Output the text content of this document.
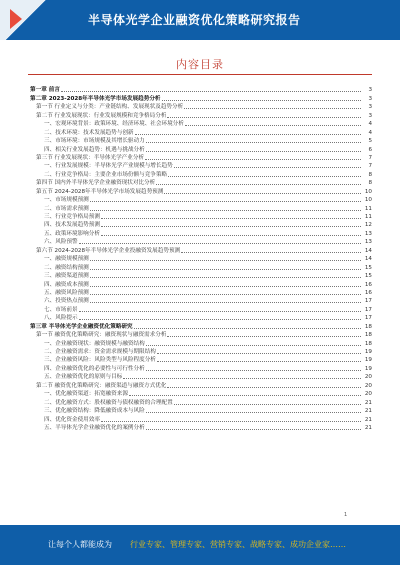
半导体光学企业融资优化策略研究报告
内容目录
第一章 前言	3
第二章 2023-2028年半导体光学市场发展趋势分析	3
第一节 行业定义与分类：产业链结构、发展现状及趋势分析	3
第二节 行业发展现状：行业发展规模和竞争格局分析	3
一、宏观环境背景：政策环境、经济环境、社会环境分析	4
二、技术环境：技术发展趋势与创新	4
三、市场环境：市场规模及其增长驱动力	5
四、相关行业发展趋势：机遇与挑战分析	6
第三节 行业发展现状：半导体光学产业分析	7
一、行业发展规模：半导体光学产业规模与增长趋势	7
二、行业竞争格局：主要企业市场份额与竞争策略	8
第四节 国内外半导体光学企业融资现状对比分析	8
第五节 2024-2028年半导体光学市场发展趋势预测	10
一、市场规模预测	10
二、市场需求预测	11
三、行业竞争格局预测	11
四、技术发展趋势预测	12
五、政策环境影响分析	13
六、风险预警	13
第六节 2024-2028年半导体光学企业投融资发展趋势预测	14
一、融资规模预测	14
二、融资结构预测	15
三、融资渠道预测	15
四、融资成本预测	16
五、融资风险预测	16
六、投资热点预测	17
七、市场前景	17
八、风险提示	17
第三章 半导体光学企业融资优化策略研究	18
第一节 融资优化策略研究：融资现状与融资需求分析	18
一、企业融资现状：融资规模与融资结构	18
二、企业融资需求：资金需求规模与期限结构	19
三、企业融资风险：风险类型与风险程度分析	19
四、企业融资优化的必要性与可行性分析	19
五、企业融资优化的原则与目标	20
第二节 融资优化策略研究：融资渠道与融资方式优化	20
一、优化融资渠道：拓宽融资来源	20
二、优化融资方式：股权融资与债权融资的合理配置	21
三、优化融资结构：降低融资成本与风险	21
四、优化资金使用效率	21
五、半导体光学企业融资优化的案例分析	21
1
让每个人都能成为 行业专家、管理专家、营销专家、战略专家、成功企业家……
